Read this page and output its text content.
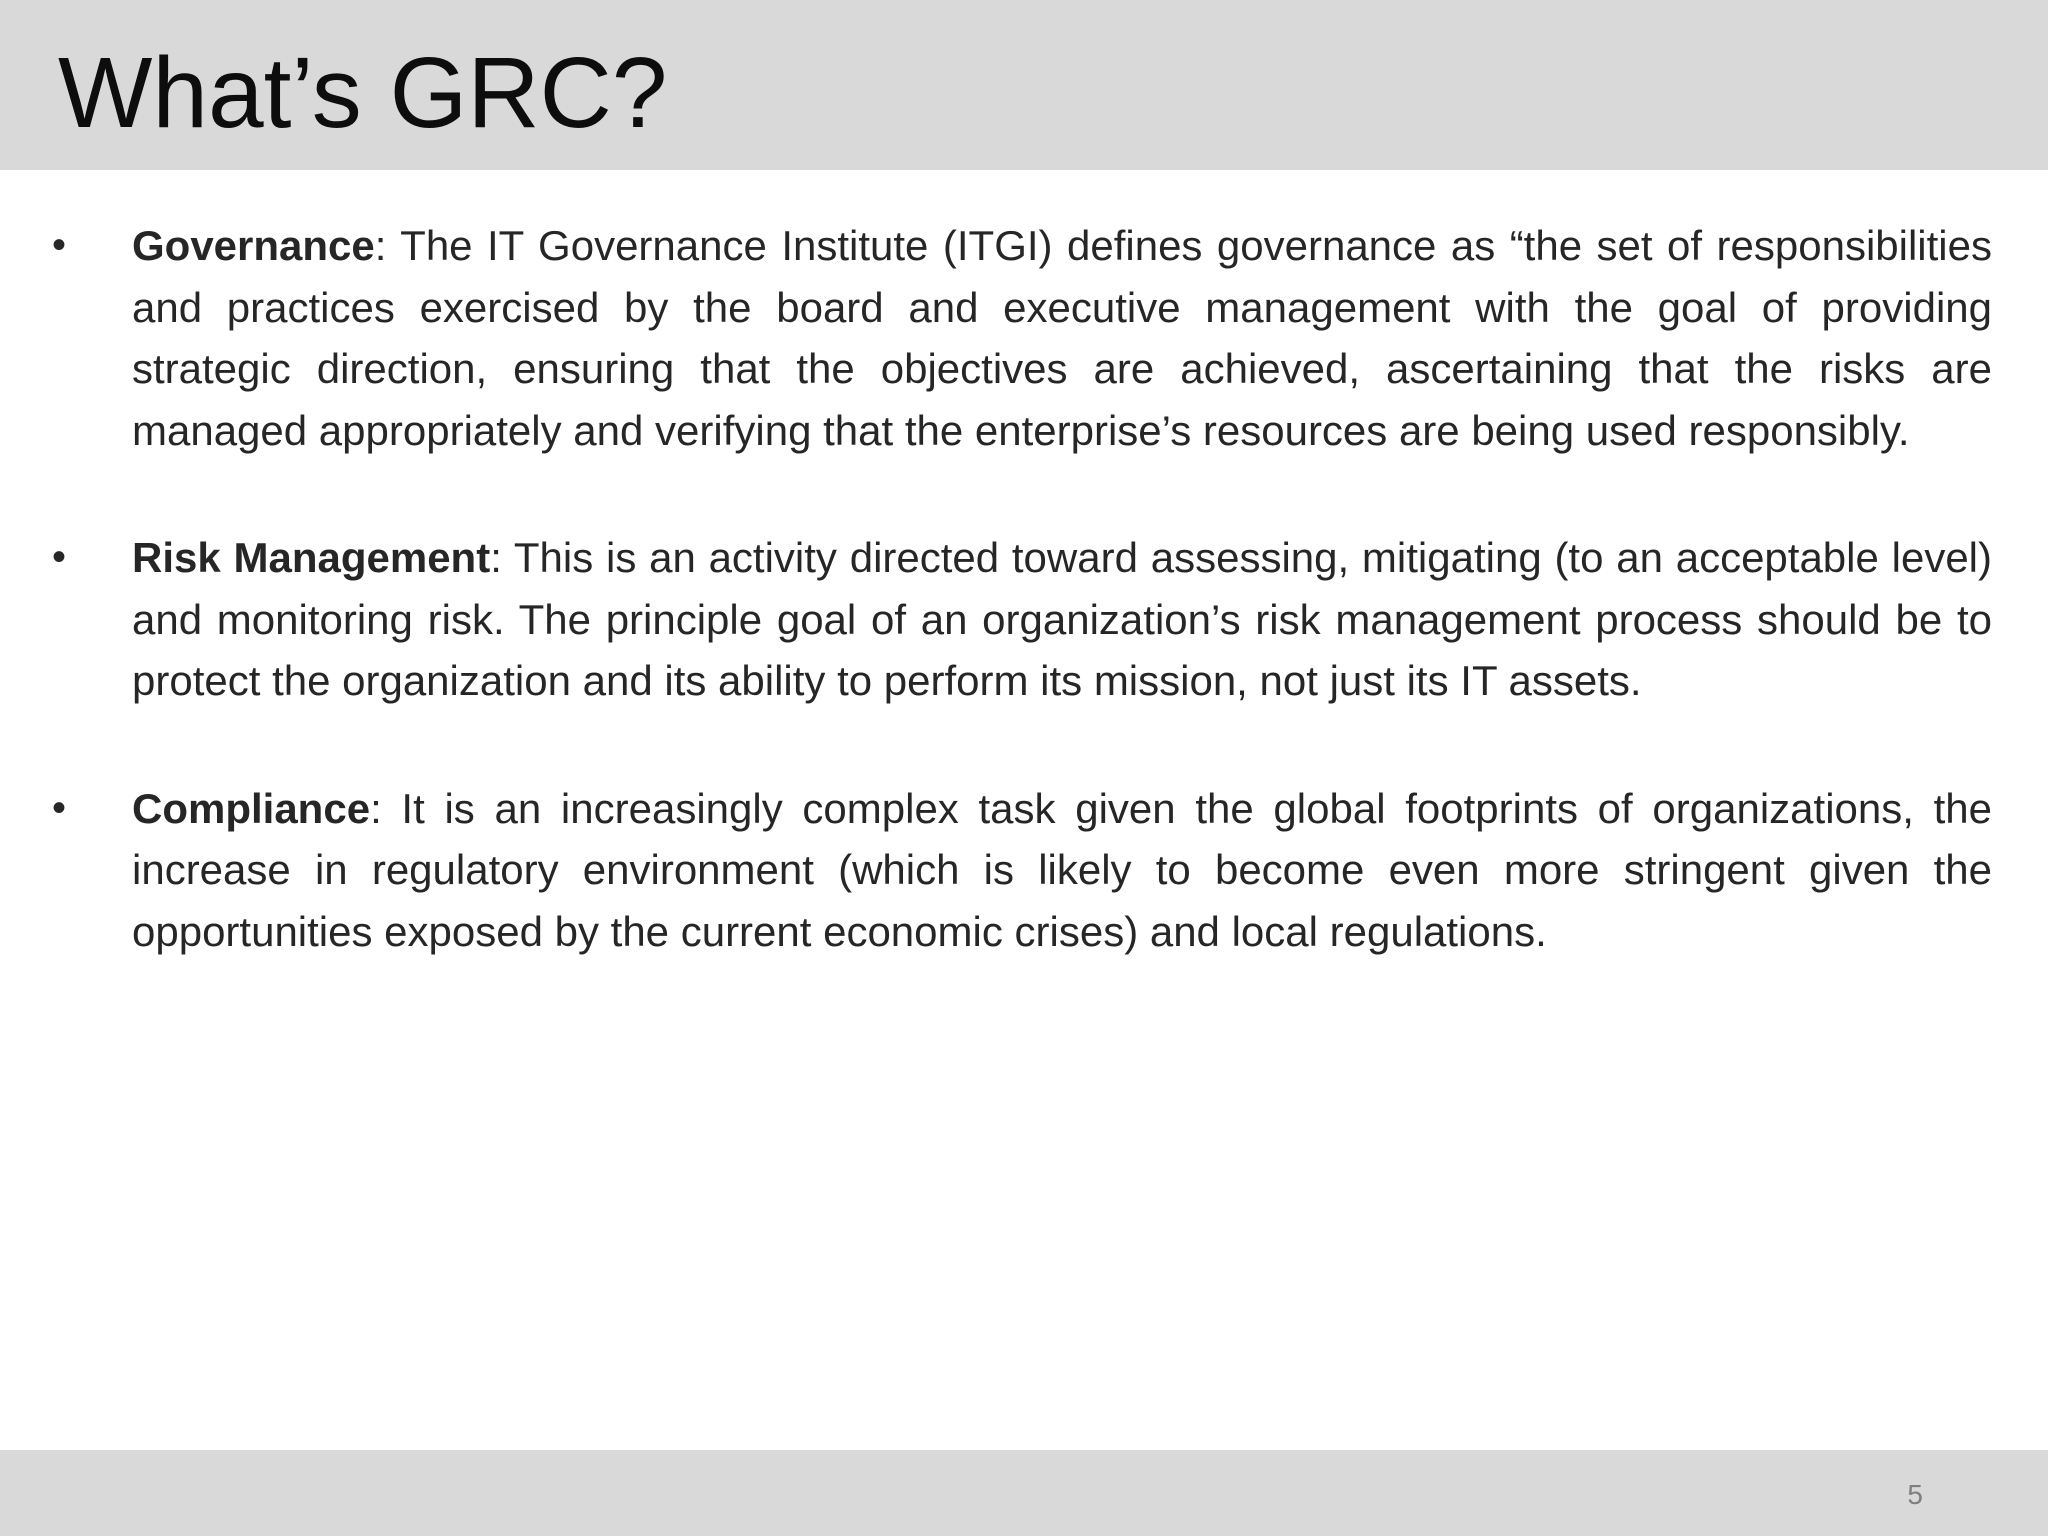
What’s GRC?
• Governance: The IT Governance Institute (ITGI) defines governance as “the set of responsibilities and practices exercised by the board and executive management with the goal of providing strategic direction, ensuring that the objectives are achieved, ascertaining that the risks are managed appropriately and verifying that the enterprise’s resources are being used responsibly.

• Risk Management: This is an activity directed toward assessing, mitigating (to an acceptable level) and monitoring risk. The principle goal of an organization’s risk management process should be to protect the organization and its ability to perform its mission, not just its IT assets.

• Compliance: It is an increasingly complex task given the global footprints of organizations, the increase in regulatory environment (which is likely to become even more stringent given the opportunities exposed by the current economic crises) and local regulations.

5
